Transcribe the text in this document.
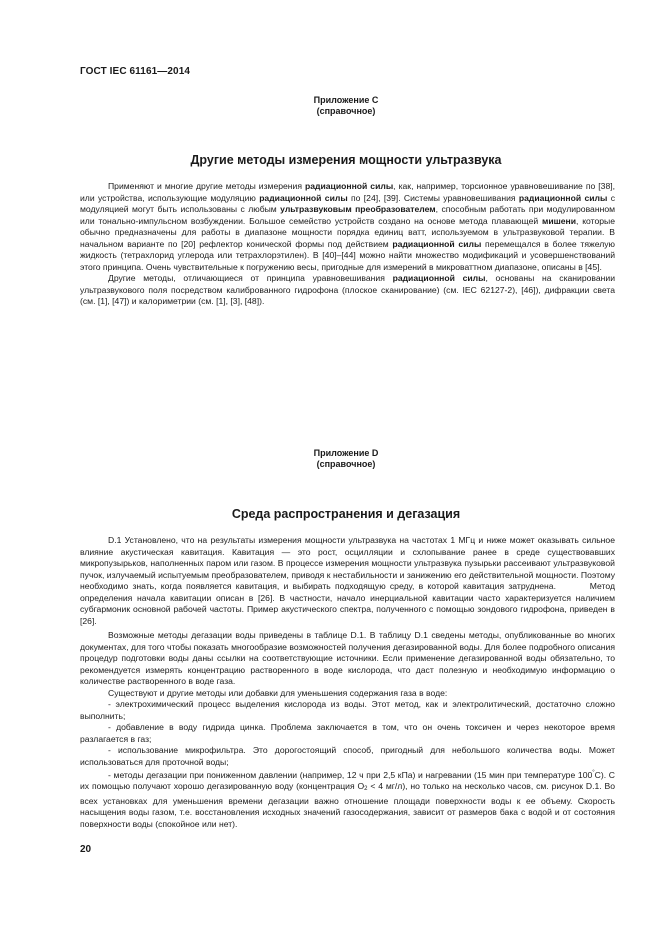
ГОСТ IEC 61161—2014
Приложение С
(справочное)
Другие методы измерения мощности ультразвука

Применяют и многие другие методы измерения радиационной силы, как, например, торсионное уравновешивание по [38], или устройства, использующие модуляцию радиационной силы по [24], [39]. Системы уравновешивания радиационной силы с модуляцией могут быть использованы с любым ультразвуковым преобразователем, способным работать при модулированном или тонально-импульсном возбуждении. Большое семейство устройств создано на основе метода плавающей мишени, которые обычно предназначены для работы в диапазоне мощности порядка единиц ватт, используемом в ультразвуковой терапии. В начальном варианте по [20] рефлектор конической формы под действием радиационной силы перемещался в более тяжелую жидкость (тетрахлорид углерода или тетрахлорэтилен). В [40]–[44] можно найти множество модификаций и усовершенствований этого принципа. Очень чувствительные к погружению весы, пригодные для измерений в микроваттном диапазоне, описаны в [45].

Другие методы, отличающиеся от принципа уравновешивания радиационной силы, основаны на сканировании ультразвукового поля посредством калиброванного гидрофона (плоское сканирование) (см. IEC 62127-2), [46]), дифракции света (см. [1], [47]) и калориметрии (см. [1], [3], [48]).

Приложение D
(справочное)
Среда распространения и дегазация

D.1 Установлено, что на результаты измерения мощности ультразвука на частотах 1 МГц и ниже может оказывать сильное влияние акустическая кавитация. Кавитация — это рост, осцилляции и схлопывание ранее в среде существовавших микропузырьков, наполненных паром или газом. В процессе измерения мощности ультразвука пузырьки рассеивают ультразвуковой пучок, излучаемый испытуемым преобразователем, приводя к нестабильности и занижению его действительной мощности. Поэтому необходимо знать, когда появляется кавитация, и выбирать подходящую среду, в которой кавитация затруднена.        Метод определения начала кавитации описан в [26]. В частности, начало инерциальной кавитации часто характеризуется наличием субгармоник основной рабочей частоты. Пример акустического спектра, полученного с помощью зондового гидрофона, приведен в [26].

Возможные методы дегазации воды приведены в таблице D.1. В таблицу D.1 сведены методы, опубликованные во многих документах, для того чтобы показать многообразие возможностей получения дегазированной воды. Для более подробного описания процедур подготовки воды даны ссылки на соответствующие источники. Если применение дегазированной воды обязательно, то рекомендуется измерять концентрацию растворенного в воде кислорода, что даст полезную и необходимую информацию о количестве растворенного в воде газа.

Существуют и другие методы или добавки для уменьшения содержания газа в воде:

- электрохимический процесс выделения кислорода из воды. Этот метод, как и электролитический, достаточно сложно выполнить;

- добавление в воду гидрида цинка. Проблема заключается в том, что он очень токсичен и через некоторое время разлагается в газ;

- использование микрофильтра. Это дорогостоящий способ, пригодный для небольшого количества воды. Может использоваться для проточной воды;

- методы дегазации при пониженном давлении (например, 12 ч при 2,5 кПа) и нагревании (15 мин при температуре 100°С). С их помощью получают хорошо дегазированную воду (концентрация $O_2 < 4$ мг/л), но только на несколько часов, см. рисунок D.1. Во всех установках для уменьшения времени дегазации важно отношение площади поверхности воды к ее объему. Скорость насыщения воды газом, т.е. восстановления исходных значений газосодержания, зависит от размеров бака с водой и от состояния поверхности воды (спокойное или нет).

20
